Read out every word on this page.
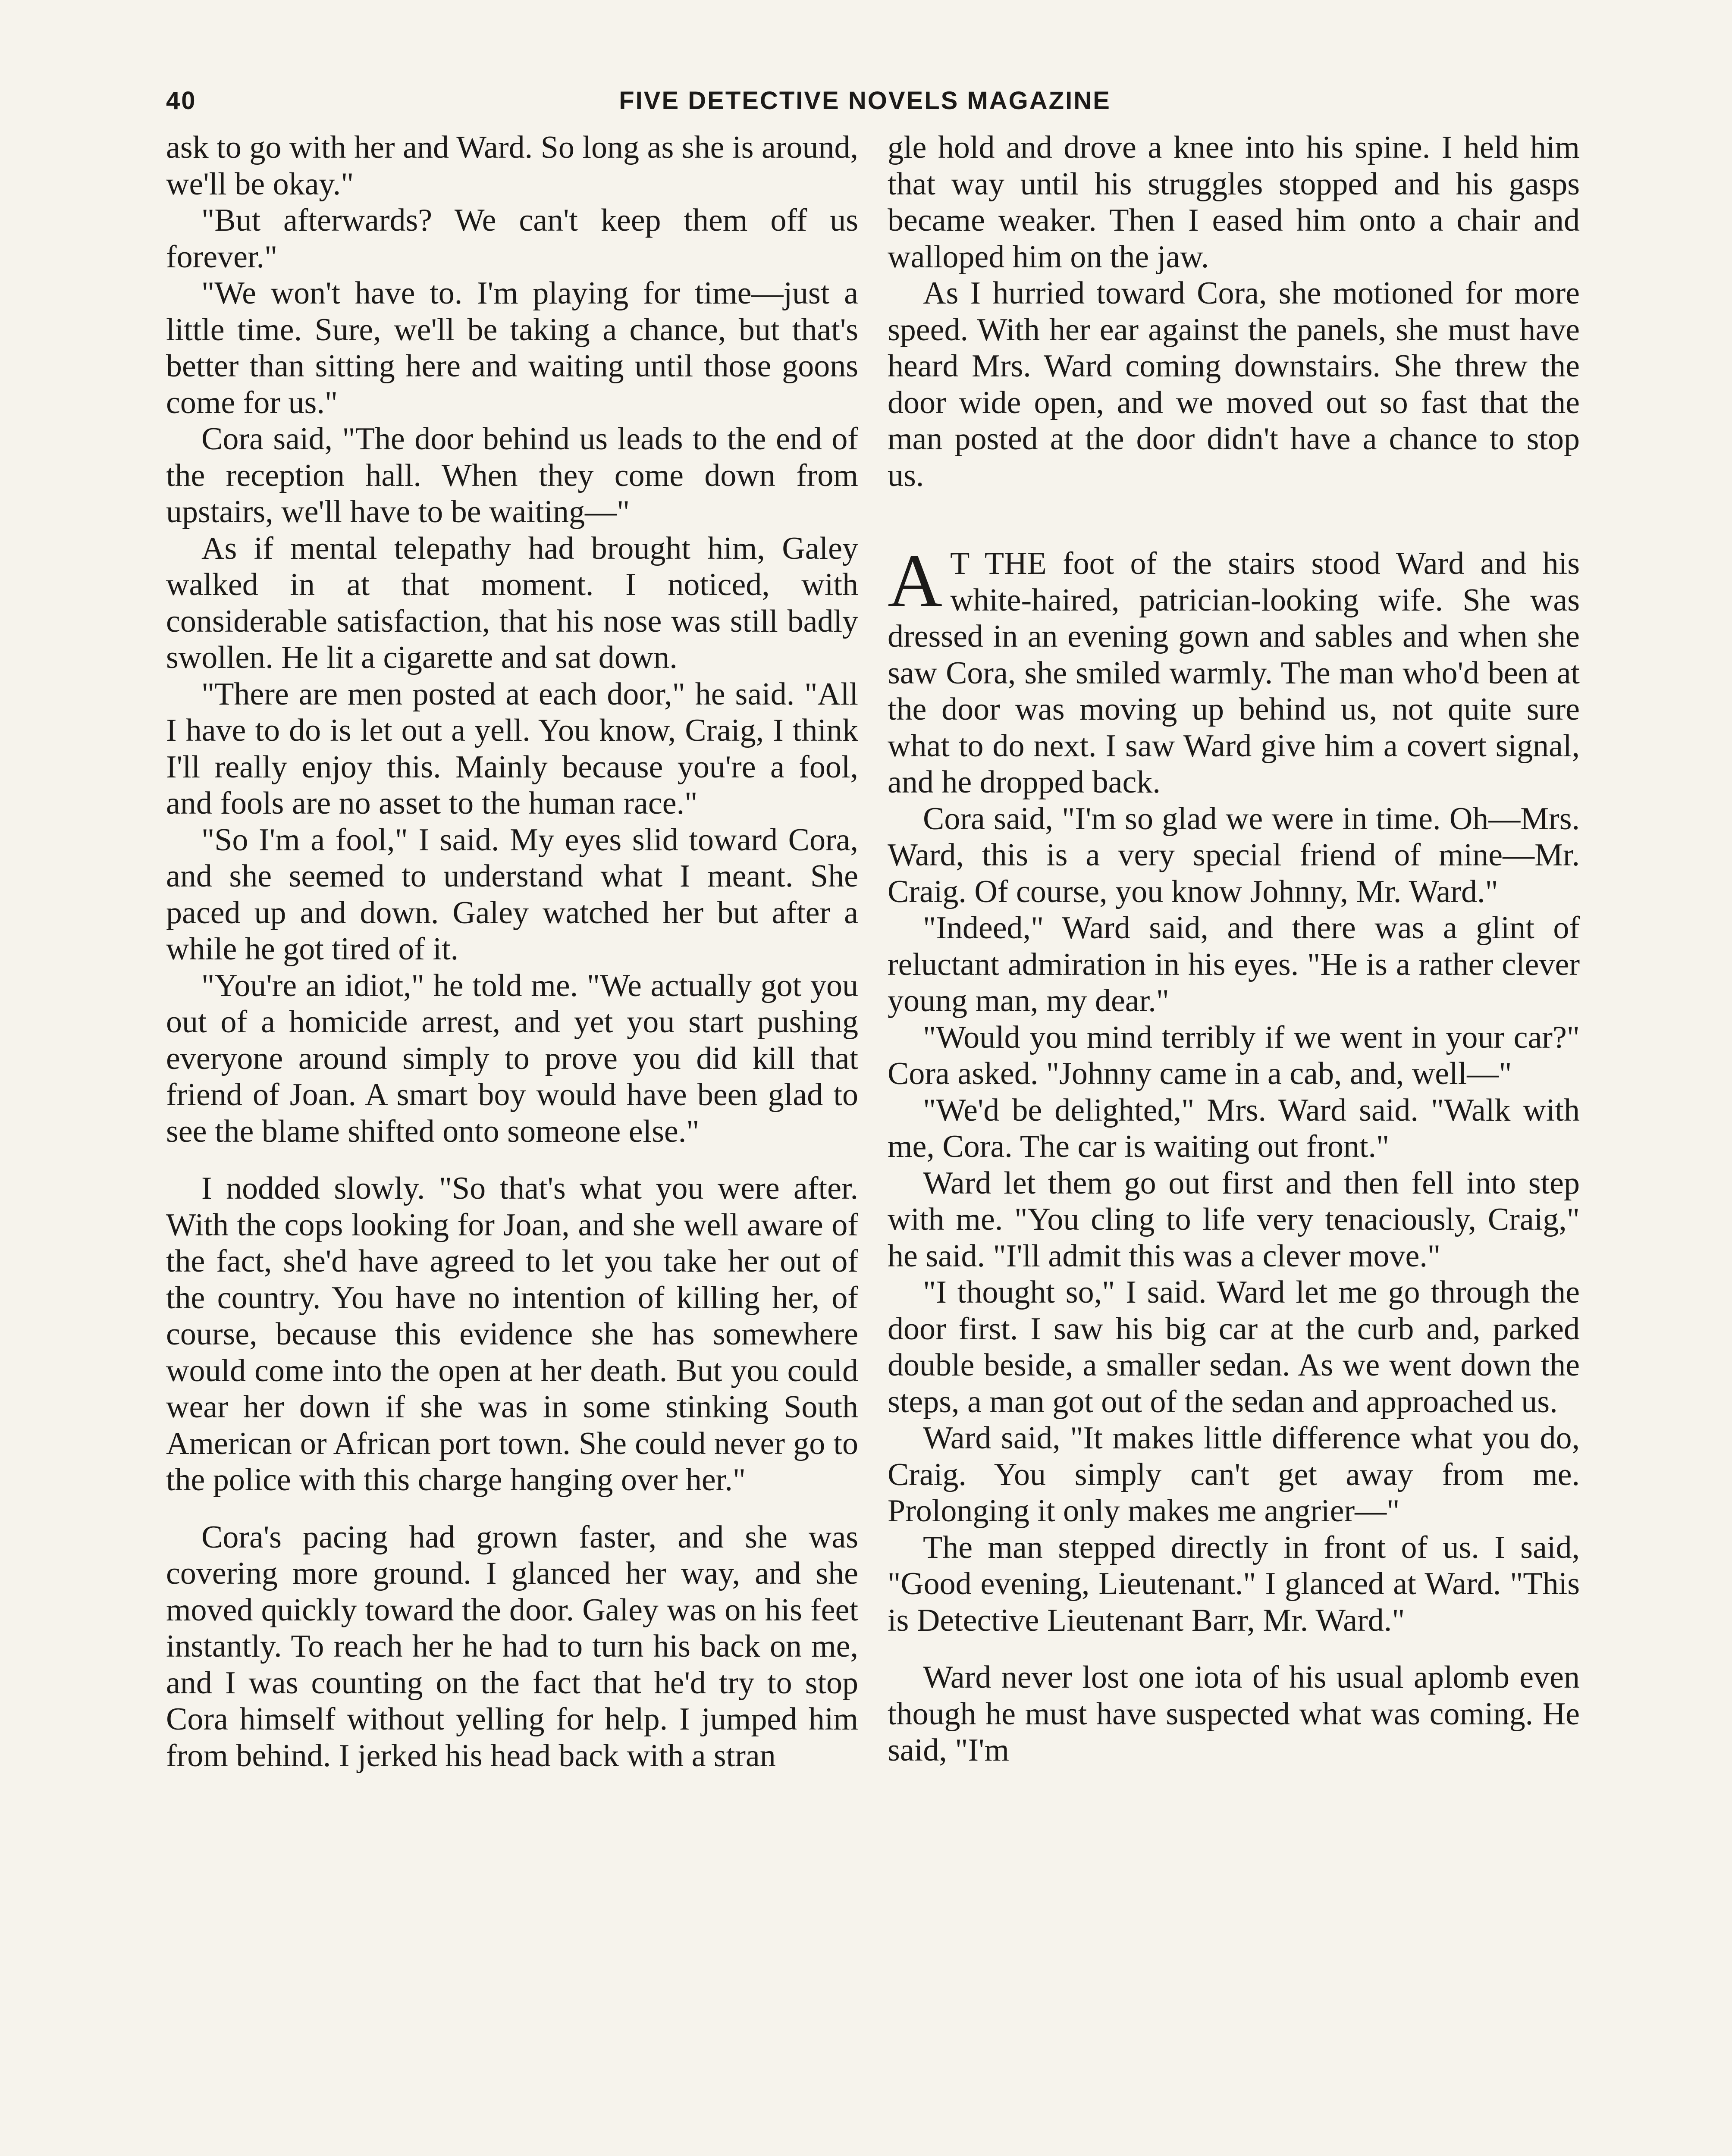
40	FIVE DETECTIVE NOVELS MAGAZINE

ask to go with her and Ward. So long as she is around, we'll be okay."

"But afterwards? We can't keep them off us forever."

"We won't have to. I'm playing for time—just a little time. Sure, we'll be taking a chance, but that's better than sitting here and waiting until those goons come for us."

Cora said, "The door behind us leads to the end of the reception hall. When they come down from upstairs, we'll have to be waiting—"

As if mental telepathy had brought him, Galey walked in at that moment. I noticed, with considerable satisfaction, that his nose was still badly swollen. He lit a cigarette and sat down.

"There are men posted at each door," he said. "All I have to do is let out a yell. You know, Craig, I think I'll really enjoy this. Mainly because you're a fool, and fools are no asset to the human race."

"So I'm a fool," I said. My eyes slid toward Cora, and she seemed to understand what I meant. She paced up and down. Galey watched her but after a while he got tired of it.

"You're an idiot," he told me. "We actually got you out of a homicide arrest, and yet you start pushing everyone around simply to prove you did kill that friend of Joan. A smart boy would have been glad to see the blame shifted onto someone else."

I nodded slowly. "So that's what you were after. With the cops looking for Joan, and she well aware of the fact, she'd have agreed to let you take her out of the country. You have no intention of killing her, of course, because this evidence she has somewhere would come into the open at her death. But you could wear her down if she was in some stinking South American or African port town. She could never go to the police with this charge hanging over her."

Cora's pacing had grown faster, and she was covering more ground. I glanced her way, and she moved quickly toward the door. Galey was on his feet instantly. To reach her he had to turn his back on me, and I was counting on the fact that he'd try to stop Cora himself without yelling for help. I jumped him from behind. I jerked his head back with a stran

gle hold and drove a knee into his spine. I held him that way until his struggles stopped and his gasps became weaker. Then I eased him onto a chair and walloped him on the jaw.

As I hurried toward Cora, she motioned for more speed. With her ear against the panels, she must have heard Mrs. Ward coming downstairs. She threw the door wide open, and we moved out so fast that the man posted at the door didn't have a chance to stop us.

A T THE foot of the stairs stood Ward and his white-haired, patrician-looking wife. She was dressed in an evening gown and sables and when she saw Cora, she smiled warmly. The man who'd been at the door was moving up behind us, not quite sure what to do next. I saw Ward give him a covert signal, and he dropped back.

Cora said, "I'm so glad we were in time. Oh—Mrs. Ward, this is a very special friend of mine—Mr. Craig. Of course, you know Johnny, Mr. Ward."

"Indeed," Ward said, and there was a glint of reluctant admiration in his eyes. "He is a rather clever young man, my dear."

"Would you mind terribly if we went in your car?" Cora asked. "Johnny came in a cab, and, well—"

"We'd be delighted," Mrs. Ward said. "Walk with me, Cora. The car is waiting out front."

Ward let them go out first and then fell into step with me. "You cling to life very tenaciously, Craig," he said. "I'll admit this was a clever move."

"I thought so," I said. Ward let me go through the door first. I saw his big car at the curb and, parked double beside, a smaller sedan. As we went down the steps, a man got out of the sedan and approached us.

Ward said, "It makes little difference what you do, Craig. You simply can't get away from me. Prolonging it only makes me angrier—"

The man stepped directly in front of us. I said, "Good evening, Lieutenant." I glanced at Ward. "This is Detective Lieutenant Barr, Mr. Ward."

Ward never lost one iota of his usual aplomb even though he must have suspected what was coming. He said, "I'm
